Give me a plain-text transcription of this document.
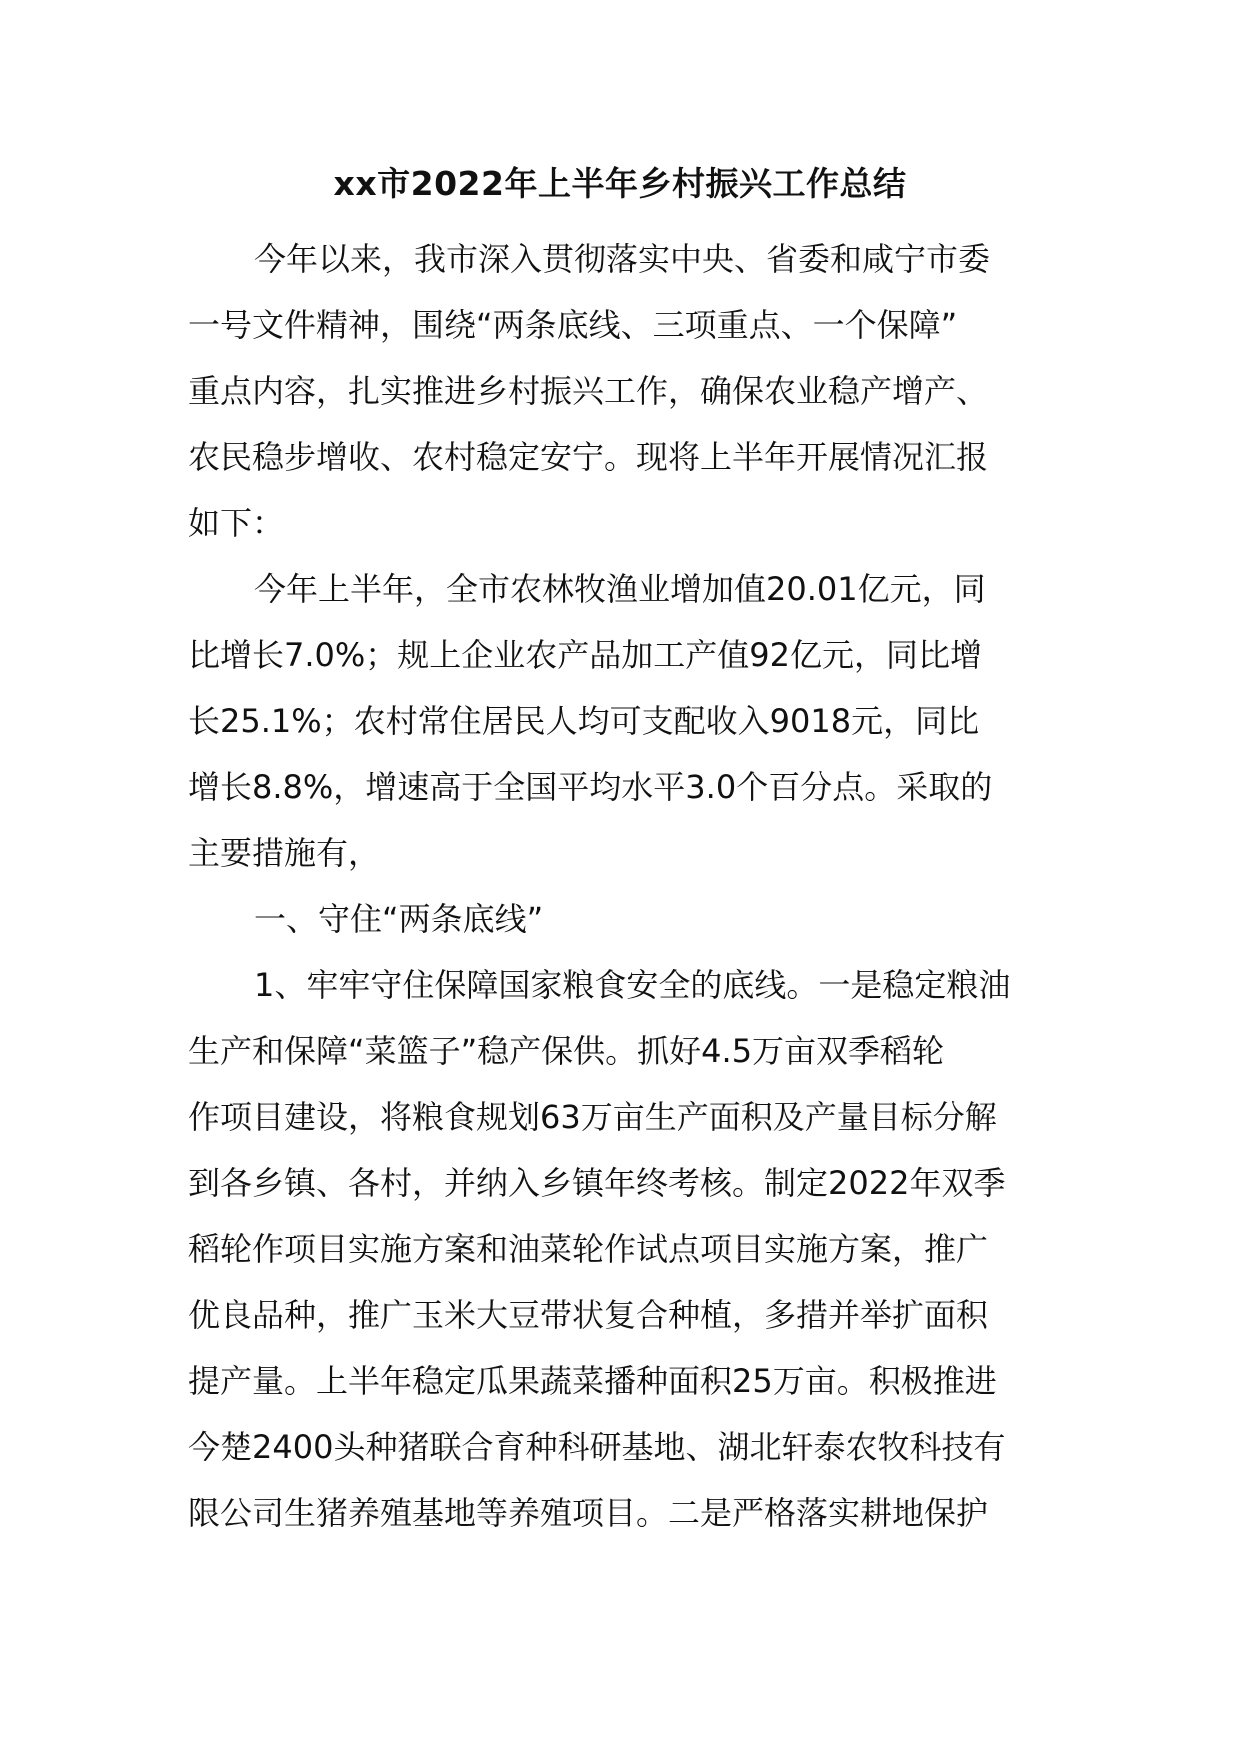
xx市2022年上半年乡村振兴工作总结

今年以来，我市深入贯彻落实中央、省委和咸宁市委

一号文件精神，围绕“两条底线、三项重点、一个保障”

重点内容，扎实推进乡村振兴工作，确保农业稳产增产、

农民稳步增收、农村稳定安宁。现将上半年开展情况汇报

如下：

今年上半年，全市农林牧渔业增加值20.01亿元，同

比增长7.0%；规上企业农产品加工产值92亿元，同比增

长25.1%；农村常住居民人均可支配收入9018元，同比

增长8.8%，增速高于全国平均水平3.0个百分点。采取的

主要措施有，

一、守住“两条底线”

1、牢牢守住保障国家粮食安全的底线。一是稳定粮油

生产和保障“菜篮子”稳产保供。抓好4.5万亩双季稻轮

作项目建设，将粮食规划63万亩生产面积及产量目标分解

到各乡镇、各村，并纳入乡镇年终考核。制定2022年双季

稻轮作项目实施方案和油菜轮作试点项目实施方案，推广

优良品种，推广玉米大豆带状复合种植，多措并举扩面积

提产量。上半年稳定瓜果蔬菜播种面积25万亩。积极推进

今楚2400头种猪联合育种科研基地、湖北轩泰农牧科技有

限公司生猪养殖基地等养殖项目。二是严格落实耕地保护
